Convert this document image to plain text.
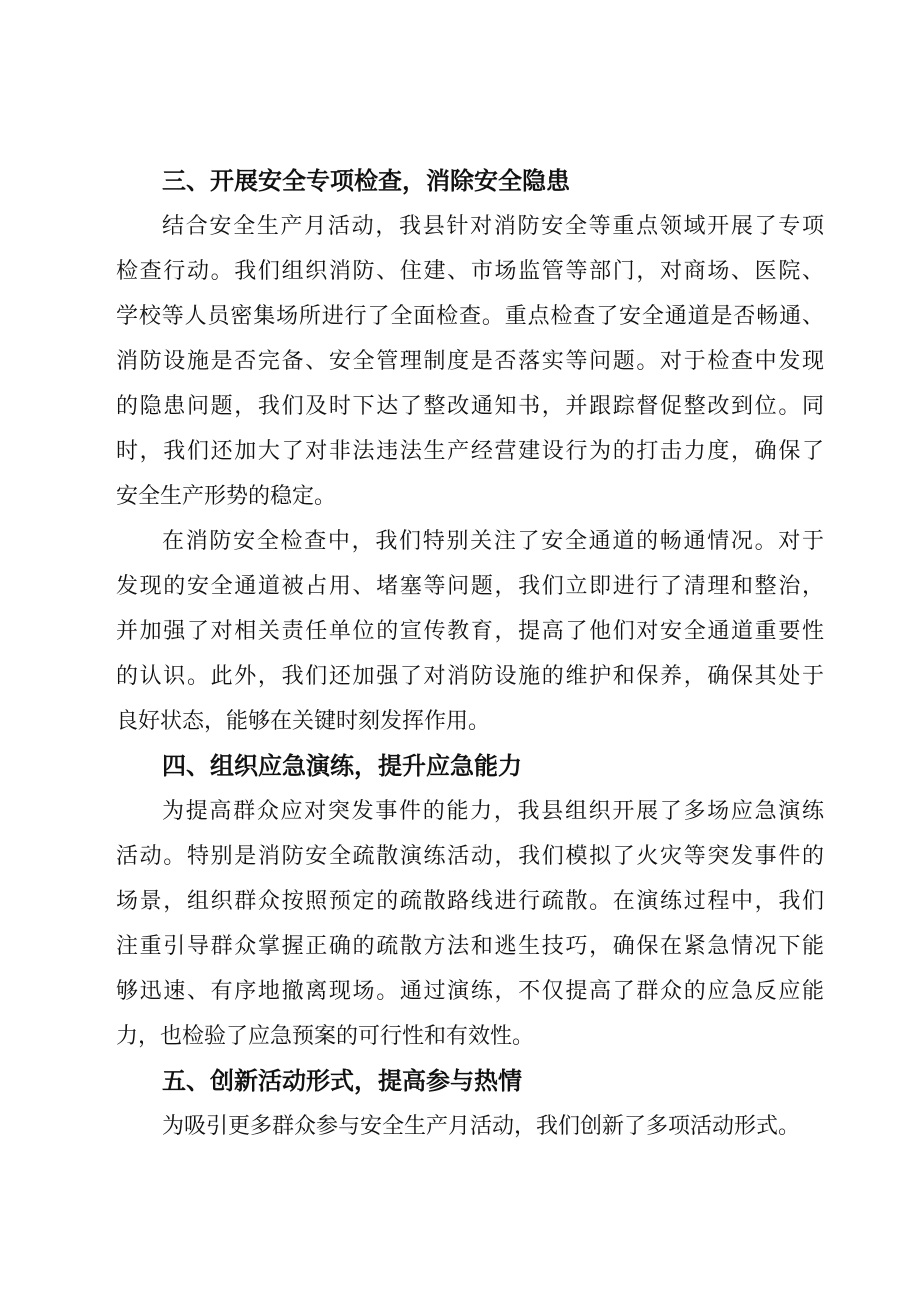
三、开展安全专项检查，消除安全隐患
结合安全生产月活动，我县针对消防安全等重点领域开展了专项
检查行动。我们组织消防、住建、市场监管等部门，对商场、医院、
学校等人员密集场所进行了全面检查。重点检查了安全通道是否畅通、
消防设施是否完备、安全管理制度是否落实等问题。对于检查中发现
的隐患问题，我们及时下达了整改通知书，并跟踪督促整改到位。同
时，我们还加大了对非法违法生产经营建设行为的打击力度，确保了
安全生产形势的稳定。
在消防安全检查中，我们特别关注了安全通道的畅通情况。对于
发现的安全通道被占用、堵塞等问题，我们立即进行了清理和整治，
并加强了对相关责任单位的宣传教育，提高了他们对安全通道重要性
的认识。此外，我们还加强了对消防设施的维护和保养，确保其处于
良好状态，能够在关键时刻发挥作用。
四、组织应急演练，提升应急能力
为提高群众应对突发事件的能力，我县组织开展了多场应急演练
活动。特别是消防安全疏散演练活动，我们模拟了火灾等突发事件的
场景，组织群众按照预定的疏散路线进行疏散。在演练过程中，我们
注重引导群众掌握正确的疏散方法和逃生技巧，确保在紧急情况下能
够迅速、有序地撤离现场。通过演练，不仅提高了群众的应急反应能
力，也检验了应急预案的可行性和有效性。
五、创新活动形式，提高参与热情
为吸引更多群众参与安全生产月活动，我们创新了多项活动形式。
